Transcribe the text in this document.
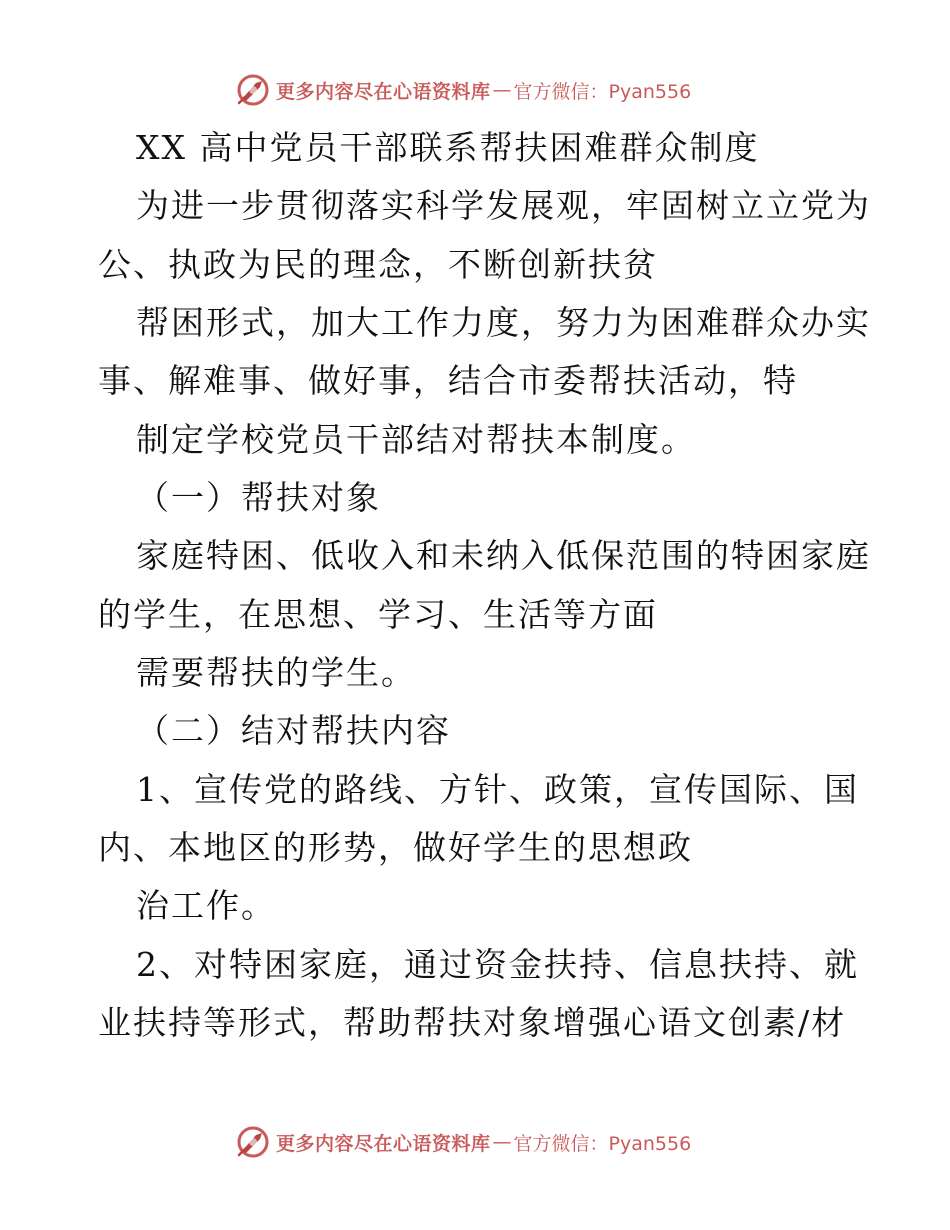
更多内容尽在心语资料库 — 官方微信：Pyan556
XX 高中党员干部联系帮扶困难群众制度
为进一步贯彻落实科学发展观，牢固树立立党为
公、执政为民的理念，不断创新扶贫
帮困形式，加大工作力度，努力为困难群众办实
事、解难事、做好事，结合市委帮扶活动，特
制定学校党员干部结对帮扶本制度。
（一）帮扶对象
家庭特困、低收入和未纳入低保范围的特困家庭
的学生，在思想、学习、生活等方面
需要帮扶的学生。
（二）结对帮扶内容
1、宣传党的路线、方针、政策，宣传国际、国
内、本地区的形势，做好学生的思想政
治工作。
2、对特困家庭，通过资金扶持、信息扶持、就
业扶持等形式，帮助帮扶对象增强心语文创素/材
更多内容尽在心语资料库 — 官方微信：Pyan556
